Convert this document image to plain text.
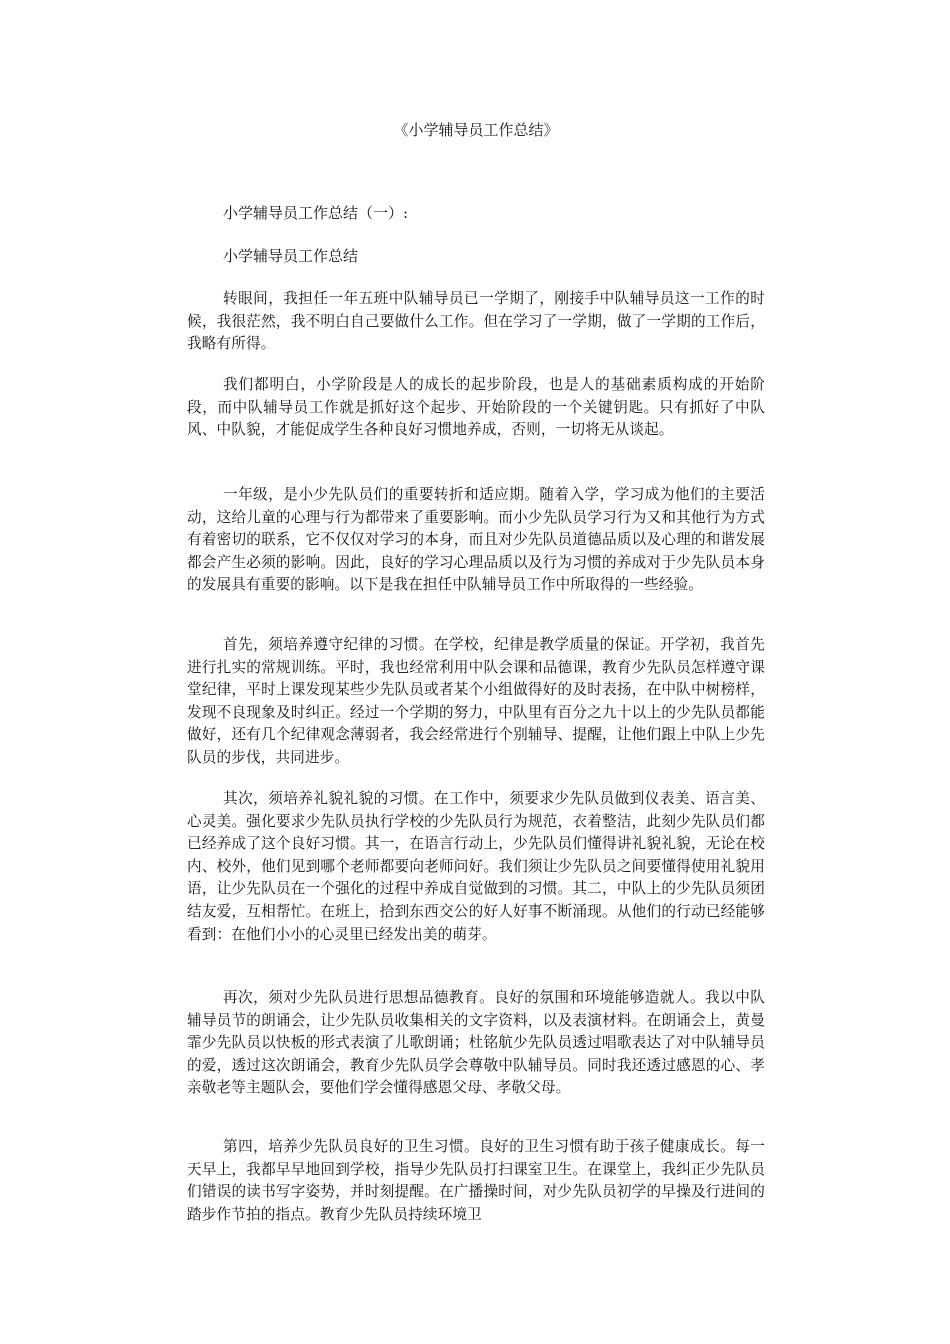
《小学辅导员工作总结》

小学辅导员工作总结（一）:

小学辅导员工作总结

转眼间，我担任一年五班中队辅导员已一学期了，刚接手中队辅导员这一工作的时候，我很茫然，我不明白自己要做什么工作。但在学习了一学期，做了一学期的工作后，我略有所得。

我们都明白，小学阶段是人的成长的起步阶段，也是人的基础素质构成的开始阶段，而中队辅导员工作就是抓好这个起步、开始阶段的一个关键钥匙。只有抓好了中队风、中队貌，才能促成学生各种良好习惯地养成，否则，一切将无从谈起。

一年级，是小少先队员们的重要转折和适应期。随着入学，学习成为他们的主要活动，这给儿童的心理与行为都带来了重要影响。而小少先队员学习行为又和其他行为方式有着密切的联系，它不仅仅对学习的本身，而且对少先队员道德品质以及心理的和谐发展都会产生必须的影响。因此，良好的学习心理品质以及行为习惯的养成对于少先队员本身的发展具有重要的影响。以下是我在担任中队辅导员工作中所取得的一些经验。

首先，须培养遵守纪律的习惯。在学校，纪律是教学质量的保证。开学初，我首先进行扎实的常规训练。平时，我也经常利用中队会课和品德课，教育少先队员怎样遵守课堂纪律，平时上课发现某些少先队员或者某个小组做得好的及时表扬，在中队中树榜样，发现不良现象及时纠正。经过一个学期的努力，中队里有百分之九十以上的少先队员都能做好，还有几个纪律观念薄弱者，我会经常进行个别辅导、提醒，让他们跟上中队上少先队员的步伐，共同进步。

其次，须培养礼貌礼貌的习惯。在工作中，须要求少先队员做到仪表美、语言美、心灵美。强化要求少先队员执行学校的少先队员行为规范，衣着整洁，此刻少先队员们都已经养成了这个良好习惯。其一，在语言行动上，少先队员们懂得讲礼貌礼貌，无论在校内、校外，他们见到哪个老师都要向老师问好。我们须让少先队员之间要懂得使用礼貌用语，让少先队员在一个强化的过程中养成自觉做到的习惯。其二，中队上的少先队员须团结友爱，互相帮忙。在班上，拾到东西交公的好人好事不断涌现。从他们的行动已经能够看到：在他们小小的心灵里已经发出美的萌芽。

再次，须对少先队员进行思想品德教育。良好的氛围和环境能够造就人。我以中队辅导员节的朗诵会，让少先队员收集相关的文字资料，以及表演材料。在朗诵会上，黄曼霏少先队员以快板的形式表演了儿歌朗诵；杜铭航少先队员透过唱歌表达了对中队辅导员的爱，透过这次朗诵会，教育少先队员学会尊敬中队辅导员。同时我还透过感恩的心、孝亲敬老等主题队会，要他们学会懂得感恩父母、孝敬父母。

第四，培养少先队员良好的卫生习惯。良好的卫生习惯有助于孩子健康成长。每一天早上，我都早早地回到学校，指导少先队员打扫课室卫生。在课堂上，我纠正少先队员们错误的读书写字姿势，并时刻提醒。在广播操时间，对少先队员初学的早操及行进间的踏步作节拍的指点。教育少先队员持续环境卫
